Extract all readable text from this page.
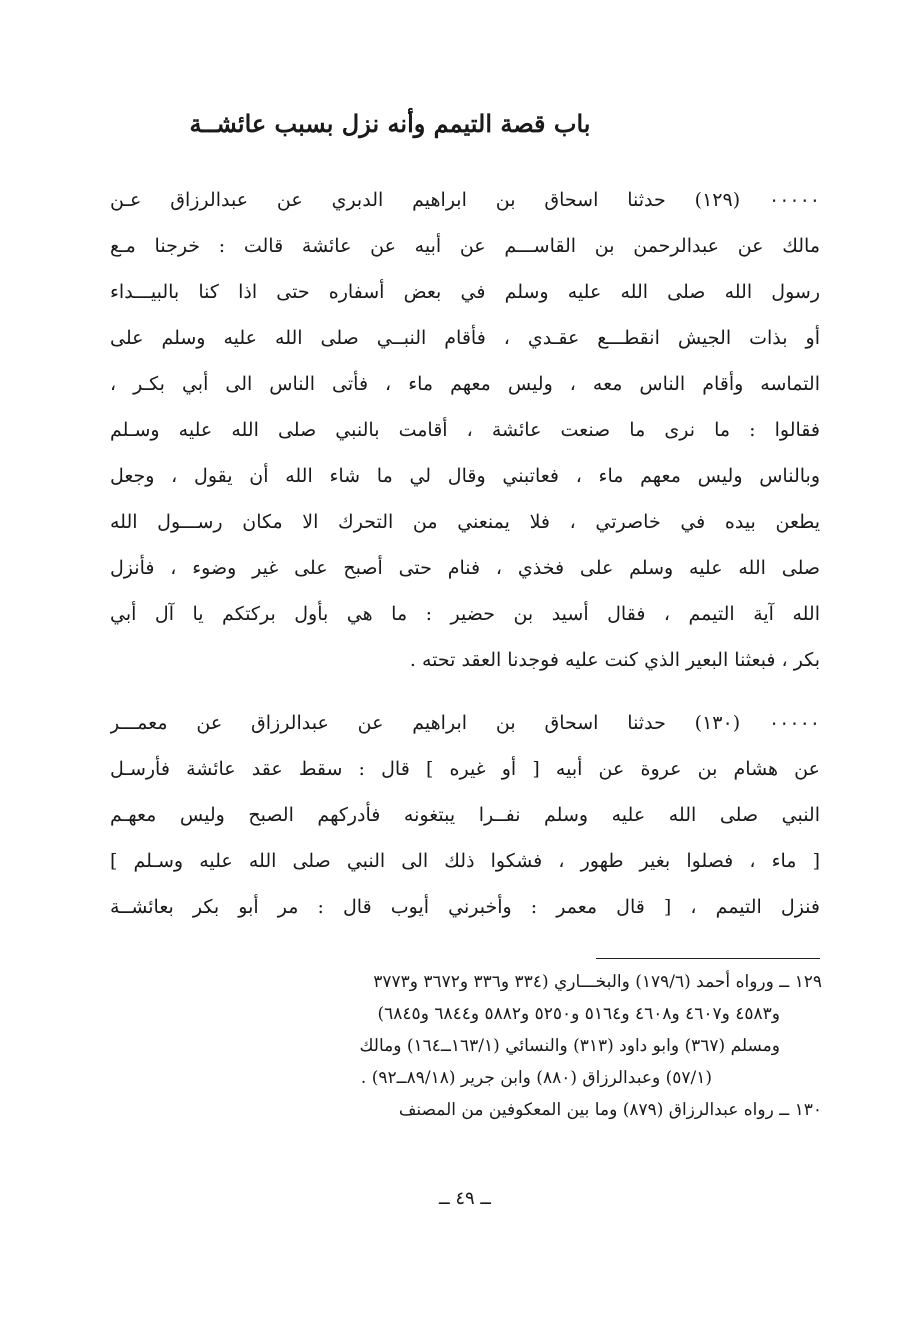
باب قصة التيمم وأنه نزل بسبب عائشــة
٠٠٠٠٠ (١٢٩) حدثنا اسحاق بن ابراهيم الدبري عن عبدالرزاق عـن
مالك عن عبدالرحمن بن القاســـم عن أبيه عن عائشة قالت : خرجنا مـع
رسول الله صلى الله عليه وسلم في بعض أسفاره حتى اذا كنا بالبيـــداء
أو بذات الجيش انقطـــع عقـدي ، فأقام النبــي صلى الله عليه وسلم على
التماسه وأقام الناس معه ، وليس معهم ماء ، فأتى الناس الى أبي بكـر ،
فقالوا : ما نرى ما صنعت عائشة ، أقامت بالنبي صلى الله عليه وسـلم
وبالناس وليس معهم ماء ، فعاتبني وقال لي ما شاء الله أن يقول ، وجعل
يطعن بيده في خاصرتي ، فلا يمنعني من التحرك الا مكان رســـول الله
صلى الله عليه وسلم على فخذي ، فنام حتى أصبح على غير وضوء ، فأنزل
الله آية التيمم ، فقال أسيد بن حضير : ما هي بأول بركتكم يا آل أبي
بكر ، فبعثنا البعير الذي كنت عليه فوجدنا العقد تحته .
٠٠٠٠٠ (١٣٠) حدثنا اسحاق بن ابراهيم عن عبدالرزاق عن معمـــر
عن هشام بن عروة عن أبيه [ أو غيره ] قال : سقط عقد عائشة فأرسـل
النبي صلى الله عليه وسلم نفــرا يبتغونه فأدركهم الصبح وليس معهـم
[ ماء ، فصلوا بغير طهور ، فشكوا ذلك الى النبي صلى الله عليه وسـلم ]
فنزل التيمم ، [ قال معمر : وأخبرني أيوب قال : مر أبو بكر بعائشــة
١٢٩ ــ ورواه أحمد (١٧٩/٦) والبخـــاري (٣٣٤ و٣٣٦ و٣٦٧٢ و٣٧٧٣
و٤٥٨٣ و٤٦٠٧ و٤٦٠٨ و٥١٦٤ و٥٢٥٠ و٥٨٨٢ و٦٨٤٤ و٦٨٤٥)
ومسلم (٣٦٧) وابو داود (٣١٣) والنسائي (١٦٣/١ــ١٦٤) ومالك
(٥٧/١) وعبدالرزاق (٨٨٠) وابن جرير (٨٩/١٨ــ٩٢) .
١٣٠ ــ رواه عبدالرزاق (٨٧٩) وما بين المعكوفين من المصنف
ــ ٤٩ ــ
